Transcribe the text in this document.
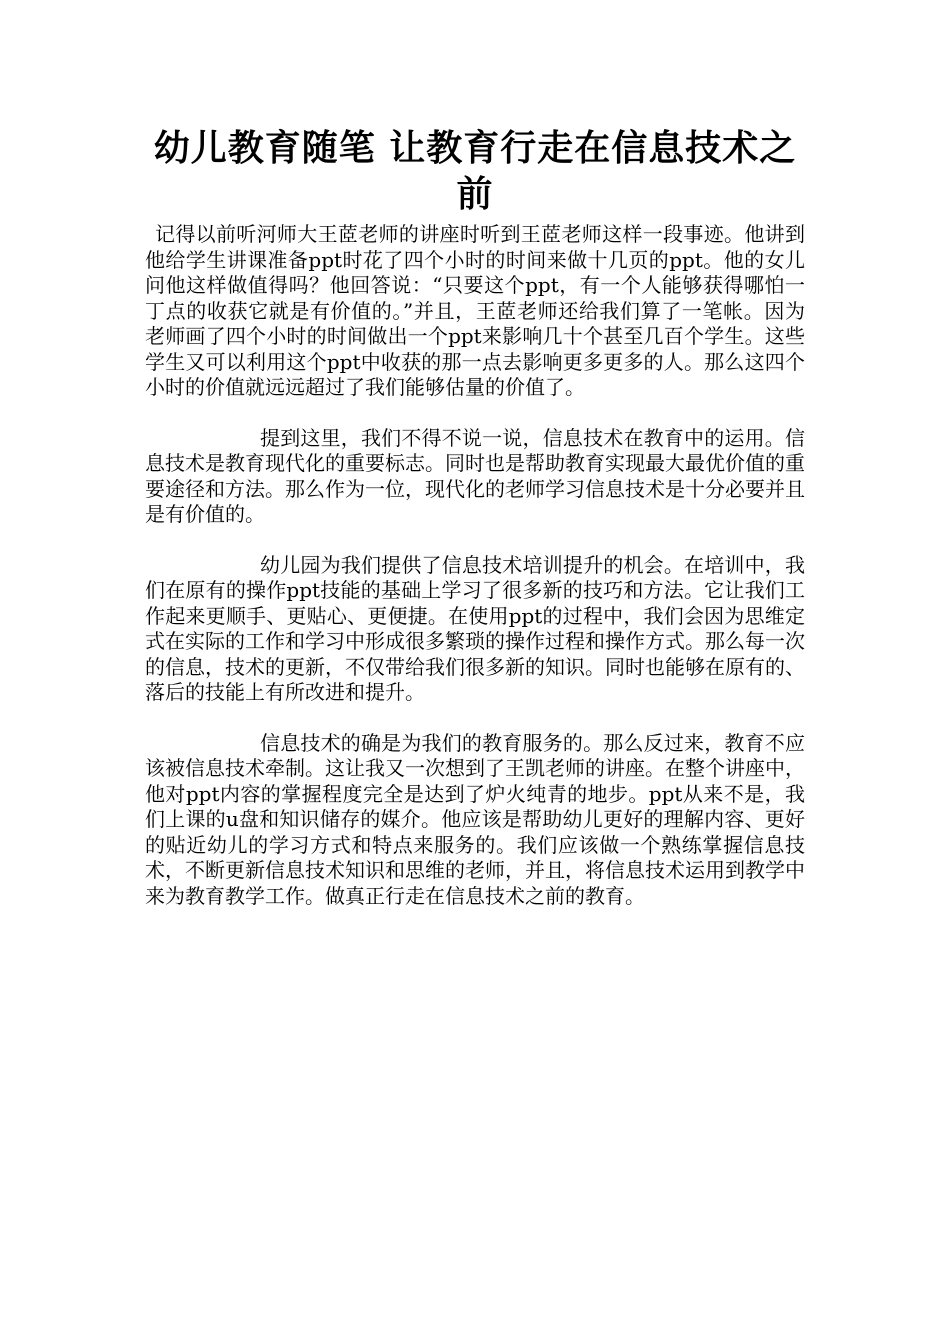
幼儿教育随笔 让教育行走在信息技术之前

记得以前听河师大王茝老师的讲座时听到王茝老师这样一段事迹。他讲到他给学生讲课准备ppt时花了四个小时的时间来做十几页的ppt。他的女儿问他这样做值得吗？他回答说：“只要这个ppt，有一个人能够获得哪怕一丁点的收获它就是有价值的。”并且，王茝老师还给我们算了一笔帐。因为老师画了四个小时的时间做出一个ppt来影响几十个甚至几百个学生。这些学生又可以利用这个ppt中收获的那一点去影响更多更多的人。那么这四个小时的价值就远远超过了我们能够估量的价值了。

提到这里，我们不得不说一说，信息技术在教育中的运用。信息技术是教育现代化的重要标志。同时也是帮助教育实现最大最优价值的重要途径和方法。那么作为一位，现代化的老师学习信息技术是十分必要并且是有价值的。

幼儿园为我们提供了信息技术培训提升的机会。在培训中，我们在原有的操作ppt技能的基础上学习了很多新的技巧和方法。它让我们工作起来更顺手、更贴心、更便捷。在使用ppt的过程中，我们会因为思维定式在实际的工作和学习中形成很多繁琐的操作过程和操作方式。那么每一次的信息，技术的更新，不仅带给我们很多新的知识。同时也能够在原有的、落后的技能上有所改进和提升。

信息技术的确是为我们的教育服务的。那么反过来，教育不应该被信息技术牵制。这让我又一次想到了王凯老师的讲座。在整个讲座中，他对ppt内容的掌握程度完全是达到了炉火纯青的地步。ppt从来不是，我们上课的u盘和知识储存的媒介。他应该是帮助幼儿更好的理解内容、更好的贴近幼儿的学习方式和特点来服务的。我们应该做一个熟练掌握信息技术，不断更新信息技术知识和思维的老师，并且，将信息技术运用到教学中来为教育教学工作。做真正行走在信息技术之前的教育。
